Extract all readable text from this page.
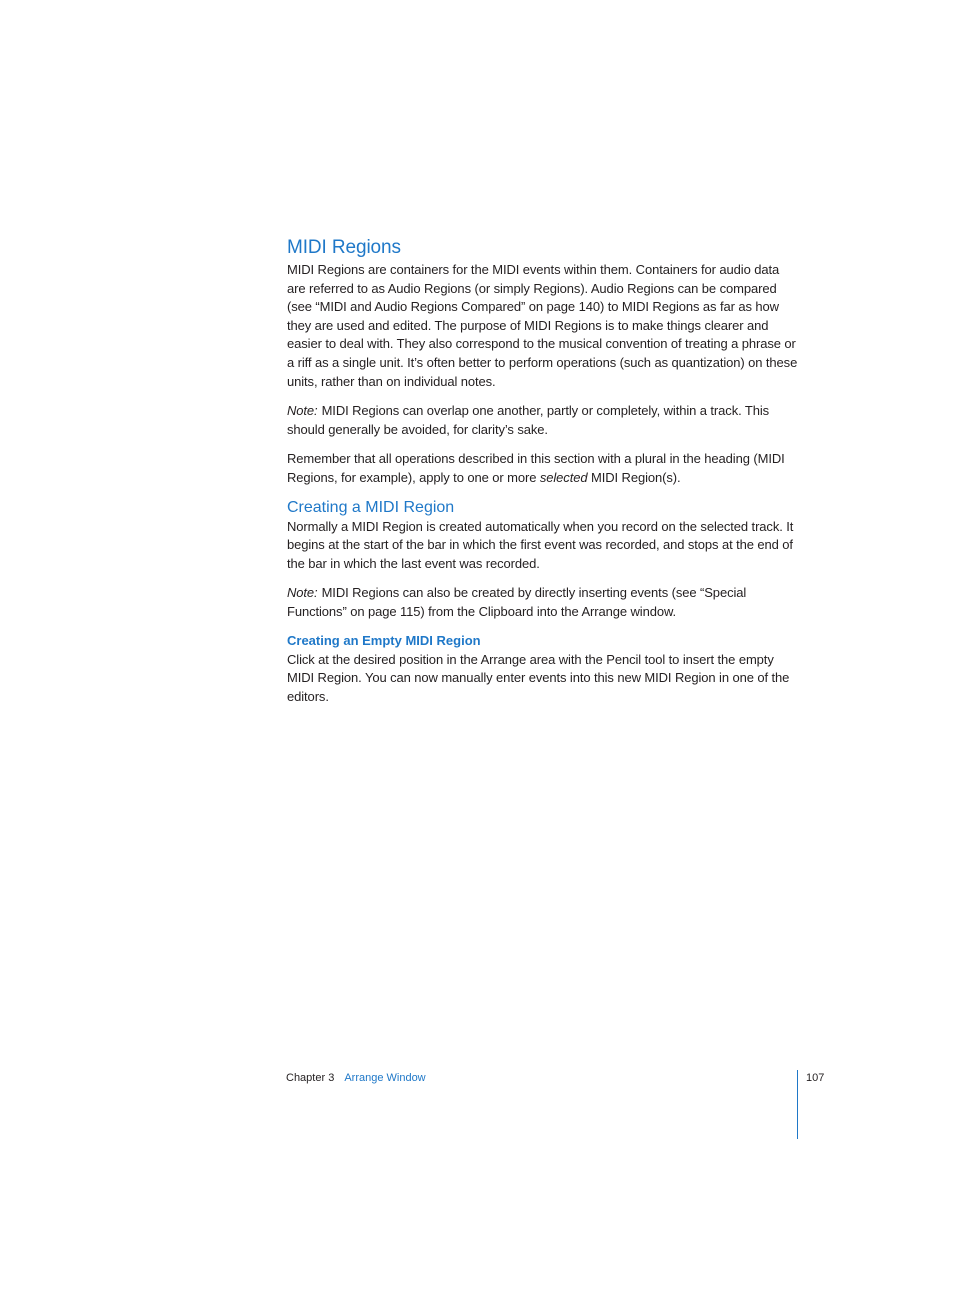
MIDI Regions

MIDI Regions are containers for the MIDI events within them. Containers for audio data are referred to as Audio Regions (or simply Regions). Audio Regions can be compared (see “MIDI and Audio Regions Compared” on page 140) to MIDI Regions as far as how they are used and edited. The purpose of MIDI Regions is to make things clearer and easier to deal with. They also correspond to the musical convention of treating a phrase or a riff as a single unit. It’s often better to perform operations (such as quantization) on these units, rather than on individual notes.

Note: MIDI Regions can overlap one another, partly or completely, within a track. This should generally be avoided, for clarity’s sake.

Remember that all operations described in this section with a plural in the heading (MIDI Regions, for example), apply to one or more selected MIDI Region(s).

Creating a MIDI Region

Normally a MIDI Region is created automatically when you record on the selected track. It begins at the start of the bar in which the first event was recorded, and stops at the end of the bar in which the last event was recorded.

Note: MIDI Regions can also be created by directly inserting events (see “Special Functions” on page 115) from the Clipboard into the Arrange window.

Creating an Empty MIDI Region

Click at the desired position in the Arrange area with the Pencil tool to insert the empty MIDI Region. You can now manually enter events into this new MIDI Region in one of the editors.

Chapter 3 Arrange Window	107
